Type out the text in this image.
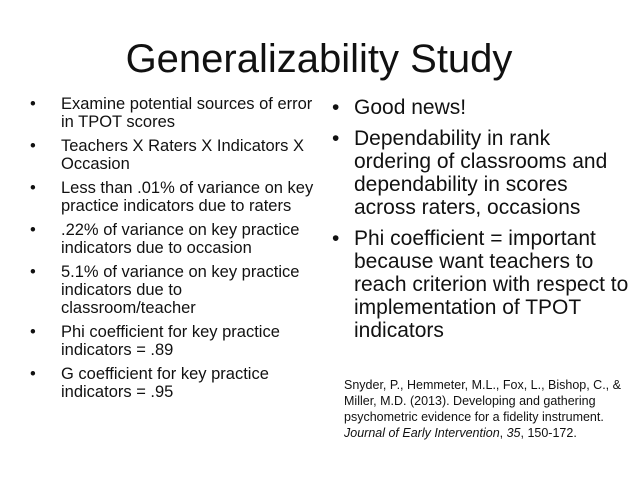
Generalizability Study
• Examine potential sources of error in TPOT scores
• Teachers X Raters X Indicators X Occasion
• Less than .01% of variance on key practice indicators due to raters
• .22% of variance on key practice indicators due to occasion
• 5.1% of variance on key practice indicators due to classroom/teacher
• Phi coefficient for key practice indicators = .89
• G coefficient for key practice indicators = .95
• Good news!
• Dependability in rank ordering of classrooms and dependability in scores across raters, occasions
• Phi coefficient = important because want teachers to reach criterion with respect to implementation of TPOT indicators

Snyder, P., Hemmeter, M.L., Fox, L., Bishop, C., & Miller, M.D. (2013). Developing and gathering psychometric evidence for a fidelity instrument. Journal of Early Intervention, 35, 150-172.
